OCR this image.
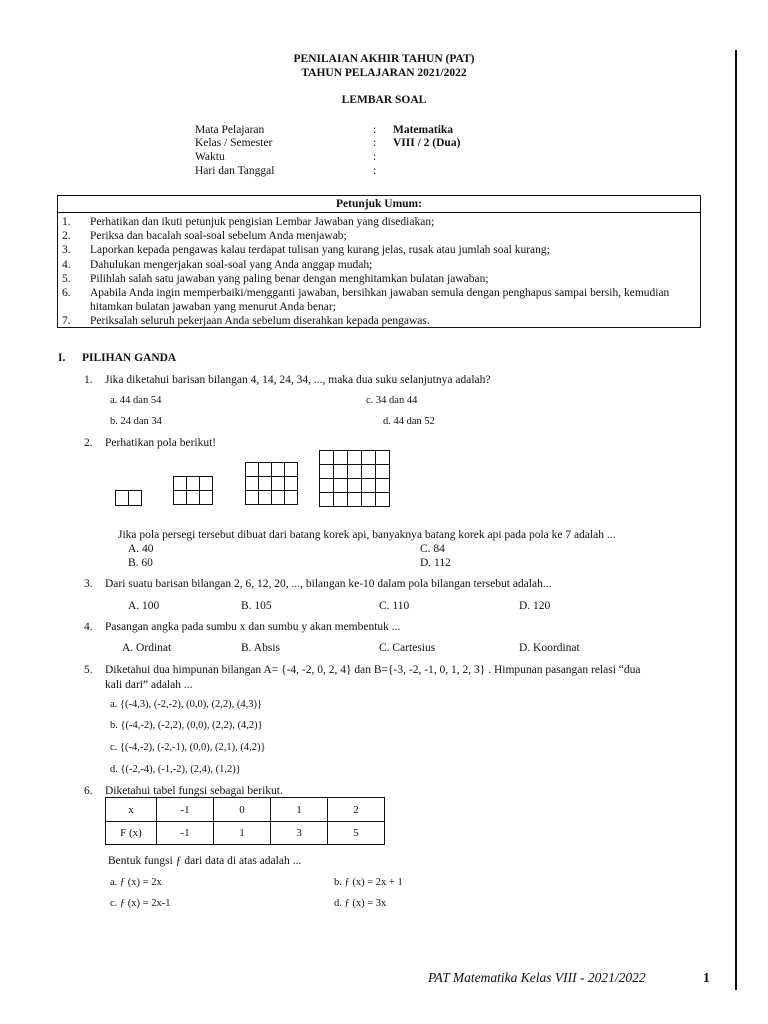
PENILAIAN AKHIR TAHUN (PAT)
TAHUN PELAJARAN 2021/2022
LEMBAR SOAL
Mata Pelajaran	: Matematika
Kelas / Semester	: VIII / 2 (Dua)
Waktu	:
Hari dan Tanggal	:
Petunjuk Umum:
1. Perhatikan dan ikuti petunjuk pengisian Lembar Jawaban yang disediakan;
2. Periksa dan bacalah soal-soal sebelum Anda menjawab;
3. Laporkan kepada pengawas kalau terdapat tulisan yang kurang jelas, rusak atau jumlah soal kurang;
4. Dahulukan mengerjakan soal-soal yang Anda anggap mudah;
5. Pilihlah salah satu jawaban yang paling benar dengan menghitamkan bulatan jawaban;
6. Apabila Anda ingin memperbaiki/mengganti jawaban, bersihkan jawaban semula dengan penghapus sampai bersih, kemudian hitamkan bulatan jawaban yang menurut Anda benar;
7. Periksalah seluruh pekerjaan Anda sebelum diserahkan kepada pengawas.
I. PILIHAN GANDA
1. Jika diketahui barisan bilangan 4, 14, 24, 34, ..., maka dua suku selanjutnya adalah?
a. 44 dan 54	c. 34 dan 44
b. 24 dan 34	d. 44 dan 52
2. Perhatikan pola berikut!
Jika pola persegi tersebut dibuat dari batang korek api, banyaknya batang korek api pada pola ke 7 adalah ...
A. 40	C. 84
B. 60	D. 112
3. Dari suatu barisan bilangan 2, 6, 12, 20, ..., bilangan ke-10 dalam pola bilangan tersebut adalah...
A. 100	B. 105	C. 110	D. 120
4. Pasangan angka pada sumbu x dan sumbu y akan membentuk ...
A. Ordinat	B. Absis	C. Cartesius	D. Koordinat
5. Diketahui dua himpunan bilangan A= {-4, -2, 0, 2, 4} dan B={-3, -2, -1, 0, 1, 2, 3} . Himpunan pasangan relasi “dua
kali dari” adalah ...
a. {(-4,3), (-2,-2), (0,0), (2,2), (4,3)}
b. {(-4,-2), (-2,2), (0,0), (2,2), (4,2)}
c. {(-4,-2), (-2,-1), (0,0), (2,1), (4,2)}
d. {(-2,-4), (-1,-2), (2,4), (1,2)}
6. Diketahui tabel fungsi sebagai berikut.
x	-1	0	1	2
F (x)	-1	1	3	5
Bentuk fungsi ƒ dari data di atas adalah ...
a. ƒ (x) = 2x	b. ƒ (x) = 2x + 1
c. ƒ (x) = 2x-1	d. ƒ (x) = 3x
PAT Matematika Kelas VIII - 2021/2022	1
